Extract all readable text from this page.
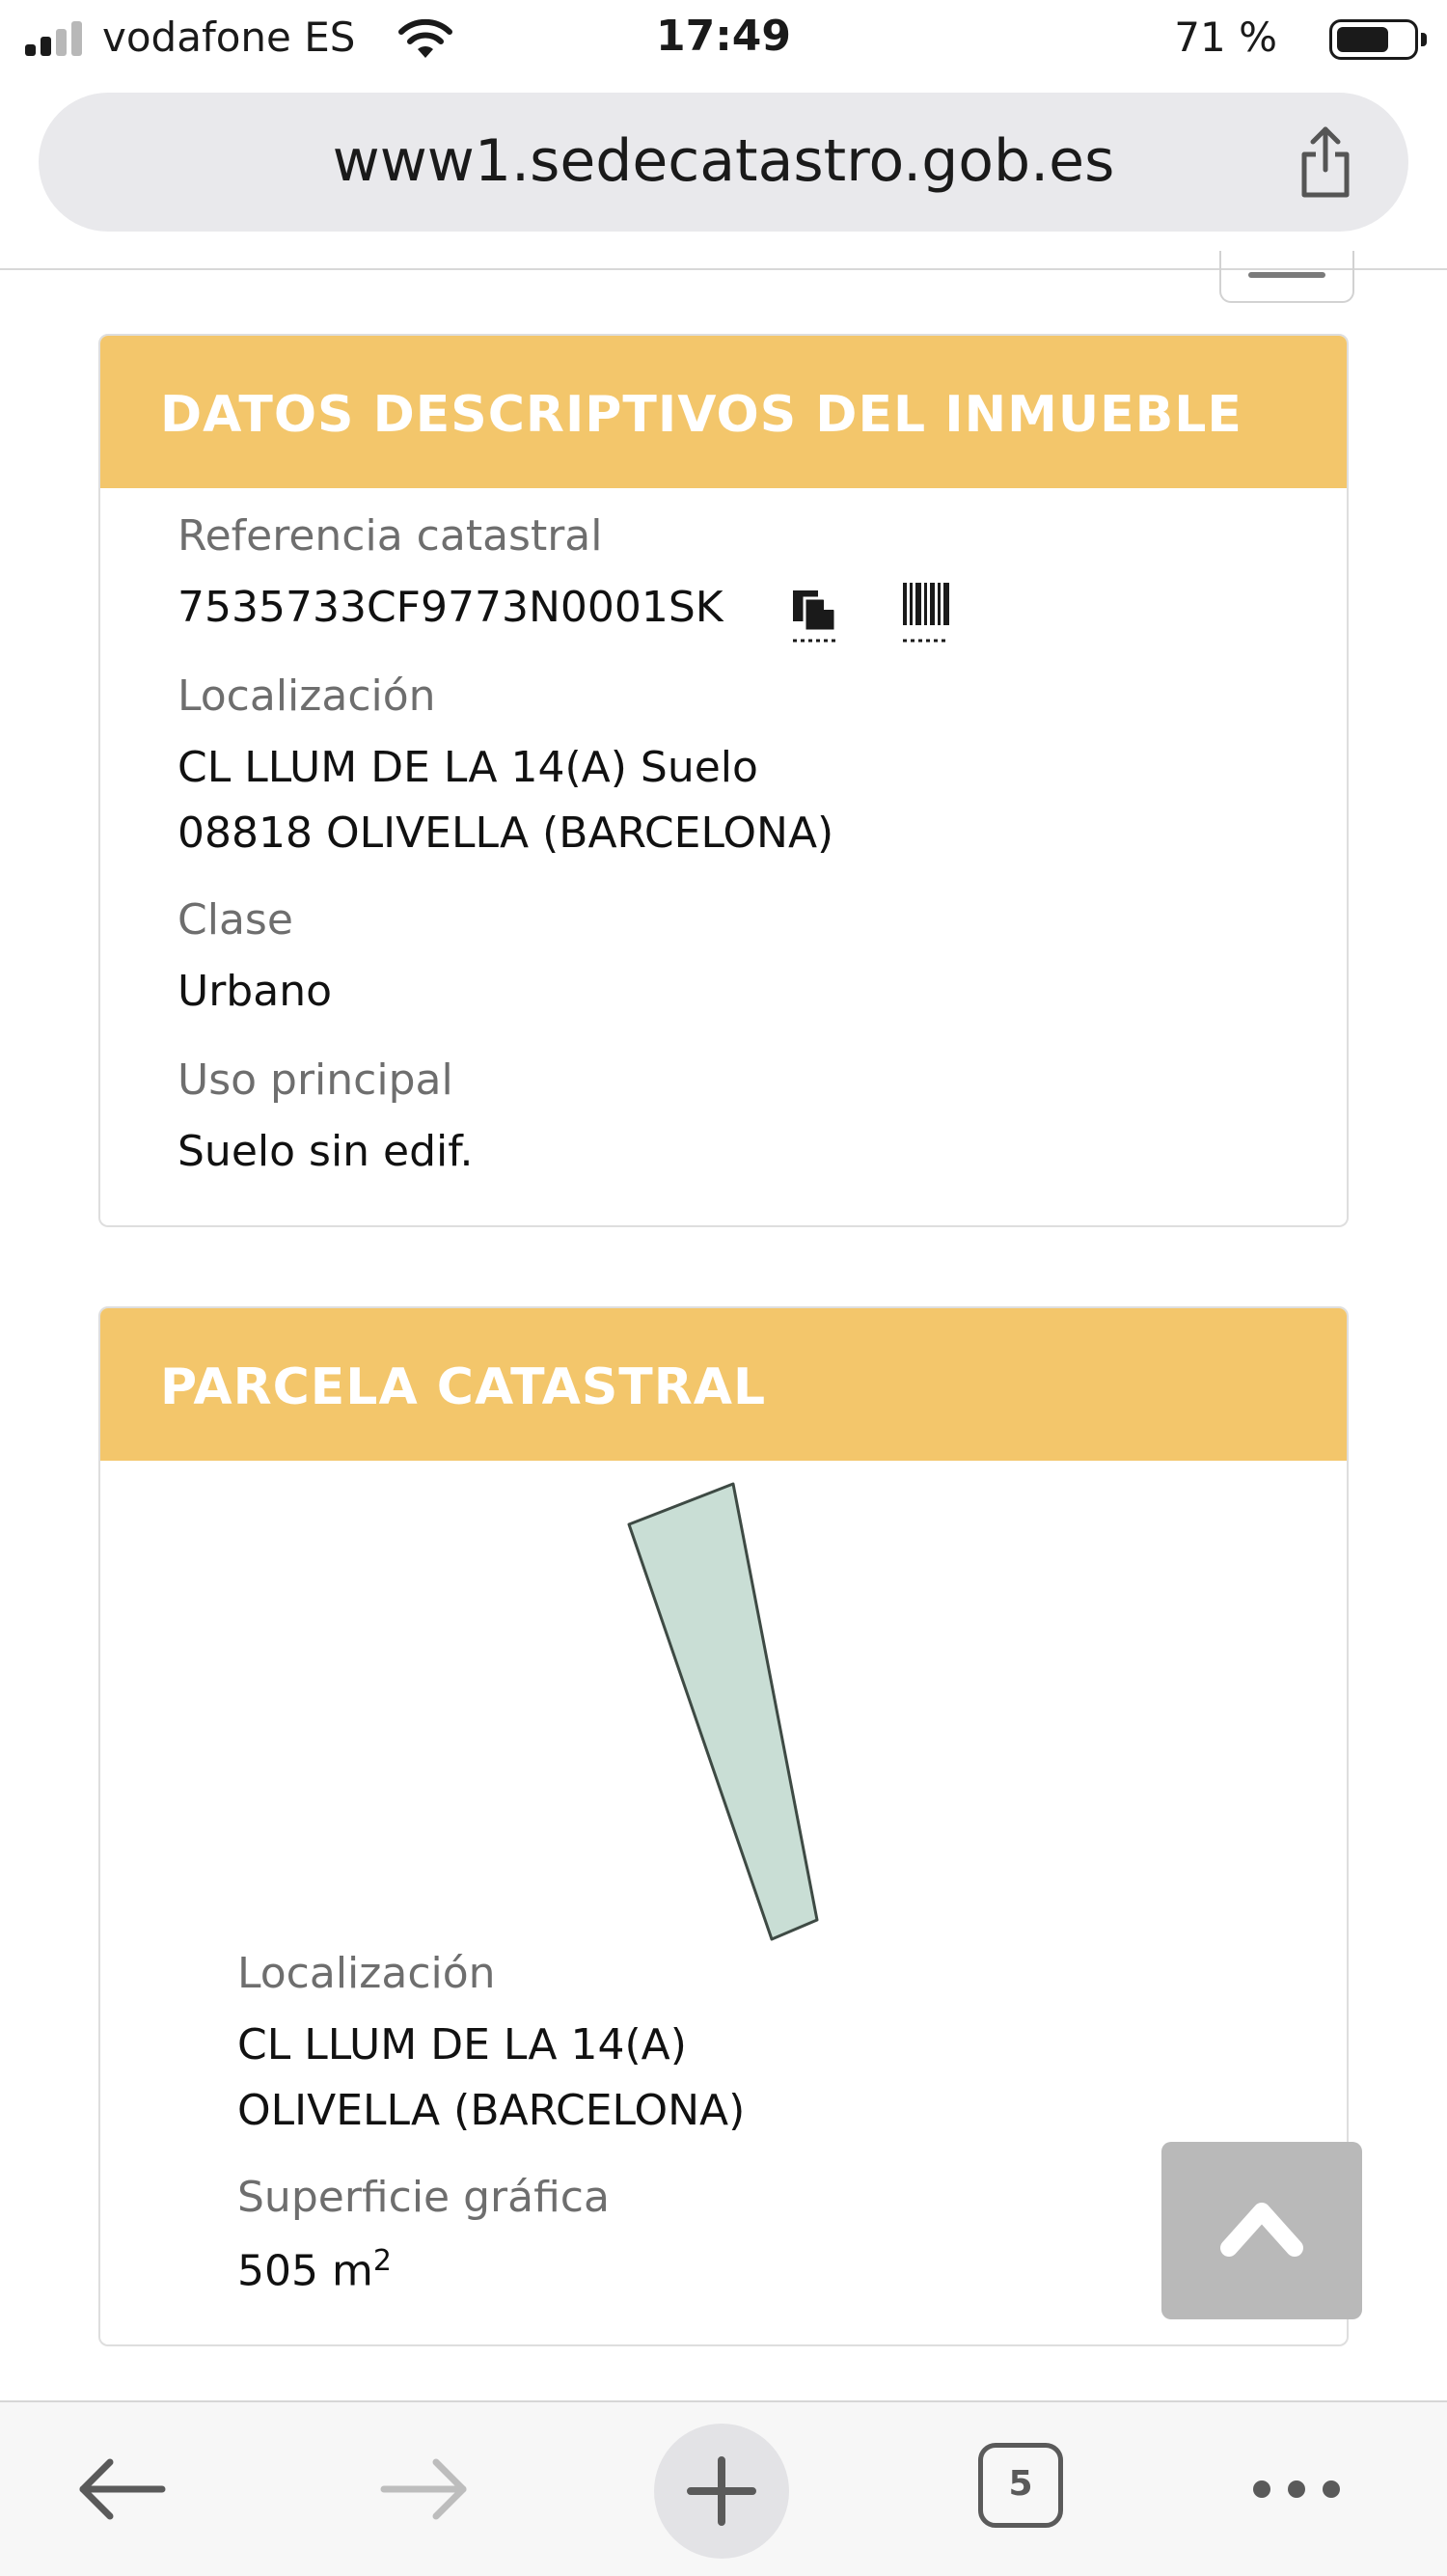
vodafone ES	17:49	71 %
www1.sedecatastro.gob.es
DATOS DESCRIPTIVOS DEL INMUEBLE
Referencia catastral
7535733CF9773N0001SK
Localización
CL LLUM DE LA 14(A) Suelo
08818 OLIVELLA (BARCELONA)
Clase
Urbano
Uso principal
Suelo sin edif.
PARCELA CATASTRAL
Localización
CL LLUM DE LA 14(A)
OLIVELLA (BARCELONA)
Superficie gráfica
505 $m^2$
5
